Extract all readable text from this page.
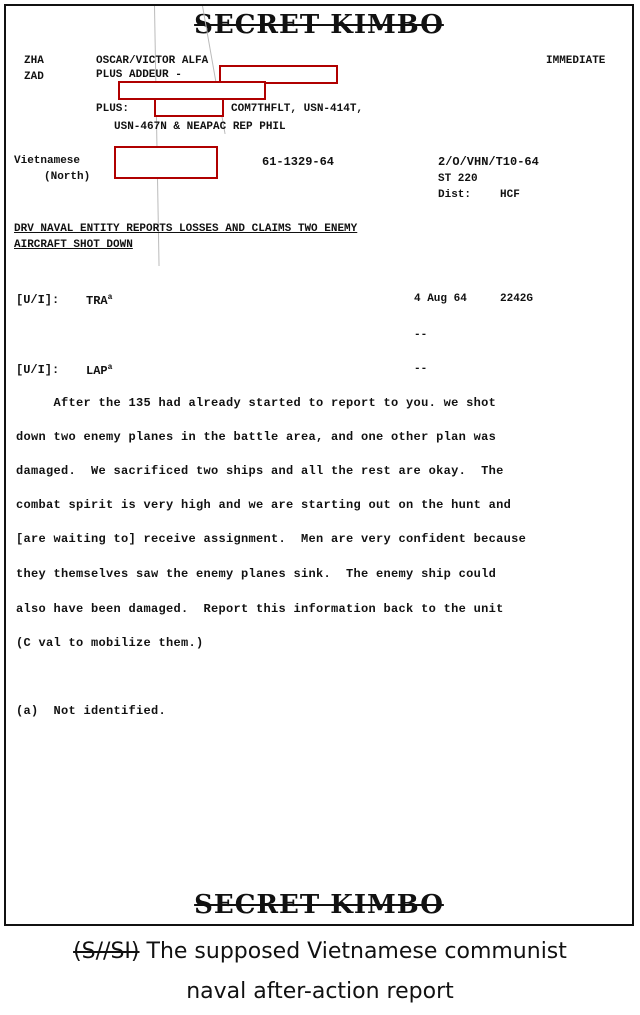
SECRET KIMBO
ZHA
ZAD
OSCAR/VICTOR ALFA
PLUS ADDEUR -
IMMEDIATE
PLUS:	COM7THFLT, USN-414T,
USN-467N & NEAPAC REP PHIL
Vietnamese
(North)
61-1329-64	2/O/VHN/T10-64
ST 220
Dist:	HCF
DRV NAVAL ENTITY REPORTS LOSSES AND CLAIMS TWO ENEMY
AIRCRAFT SHOT DOWN
[U/I]: TRA$^a$	4 Aug 64	2242G
--
[U/I]: LAP$^a$	--
After the 135 had already started to report to you. we shot
down two enemy planes in the battle area, and one other plan was
damaged.  We sacrificed two ships and all the rest are okay.  The
combat spirit is very high and we are starting out on the hunt and
[are waiting to] receive assignment.  Men are very confident because
they themselves saw the enemy planes sink.  The enemy ship could
also have been damaged.  Report this information back to the unit
(C val to mobilize them.)
(a)  Not identified.
SECRET KIMBO
(S//SI) The supposed Vietnamese communist
naval after-action report
